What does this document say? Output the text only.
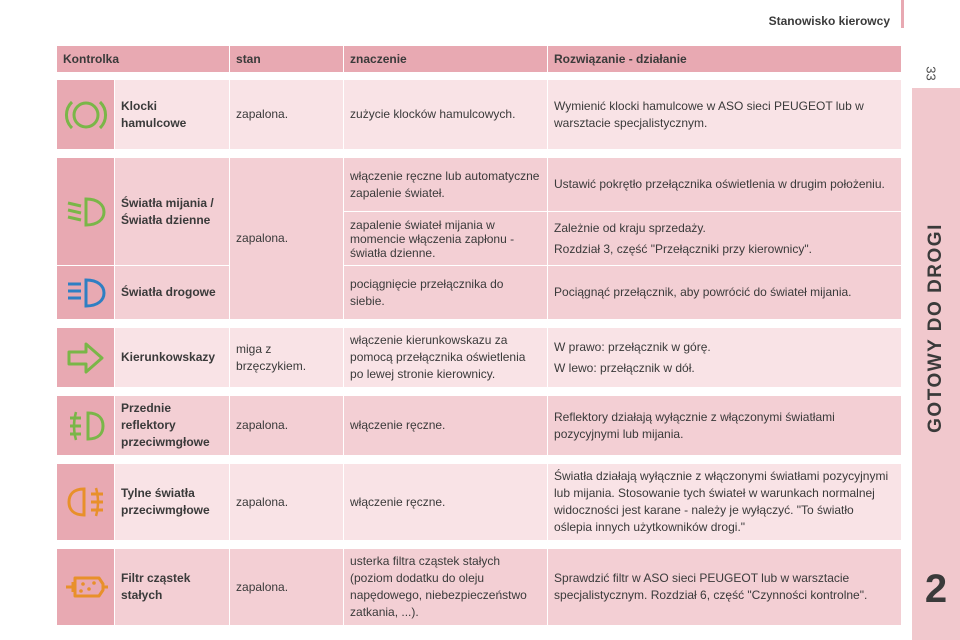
Stanowisko kierowcy
33
GOTOWY DO DROGI
2
Kontrolka		stan	znaczenie	Rozwiązanie - działanie

	Klocki hamulcowe	zapalona.	zużycie klocków hamulcowych.	Wymienić klocki hamulcowe w ASO sieci PEUGEOT lub w warsztacie specjalistycznym.

	Światła mijania / Światła dzienne	zapalona.	włączenie ręczne lub automatyczne zapalenie świateł.	Ustawić pokrętło przełącznika oświetlenia w drugim położeniu.
			zapalenie świateł mijania w momencie włączenia zapłonu - światła dzienne.	Zależnie od kraju sprzedaży.
Rozdział 3, część "Przełączniki przy kierownicy".

	Światła drogowe		pociągnięcie przełącznika do siebie.	Pociągnąć przełącznik, aby powrócić do świateł mijania.

	Kierunkowskazy	miga z brzęczykiem.	włączenie kierunkowskazu za pomocą przełącznika oświetlenia po lewej stronie kierownicy.	W prawo: przełącznik w górę.
W lewo: przełącznik w dół.

	Przednie reflektory przeciwmgłowe	zapalona.	włączenie ręczne.	Reflektory działają wyłącznie z włączonymi światłami pozycyjnymi lub mijania.

	Tylne światła przeciwmgłowe	zapalona.	włączenie ręczne.	Światła działają wyłącznie z włączonymi światłami pozycyjnymi lub mijania. Stosowanie tych świateł w warunkach normalnej widoczności jest karane - należy je wyłączyć. "To światło oślepia innych użytkowników drogi."

	Filtr cząstek stałych	zapalona.	usterka filtra cząstek stałych (poziom dodatku do oleju napędowego, niebezpieczeństwo zatkania, ...).	Sprawdzić filtr w ASO sieci PEUGEOT lub w warsztacie specjalistycznym. Rozdział 6, część "Czynności kontrolne".
